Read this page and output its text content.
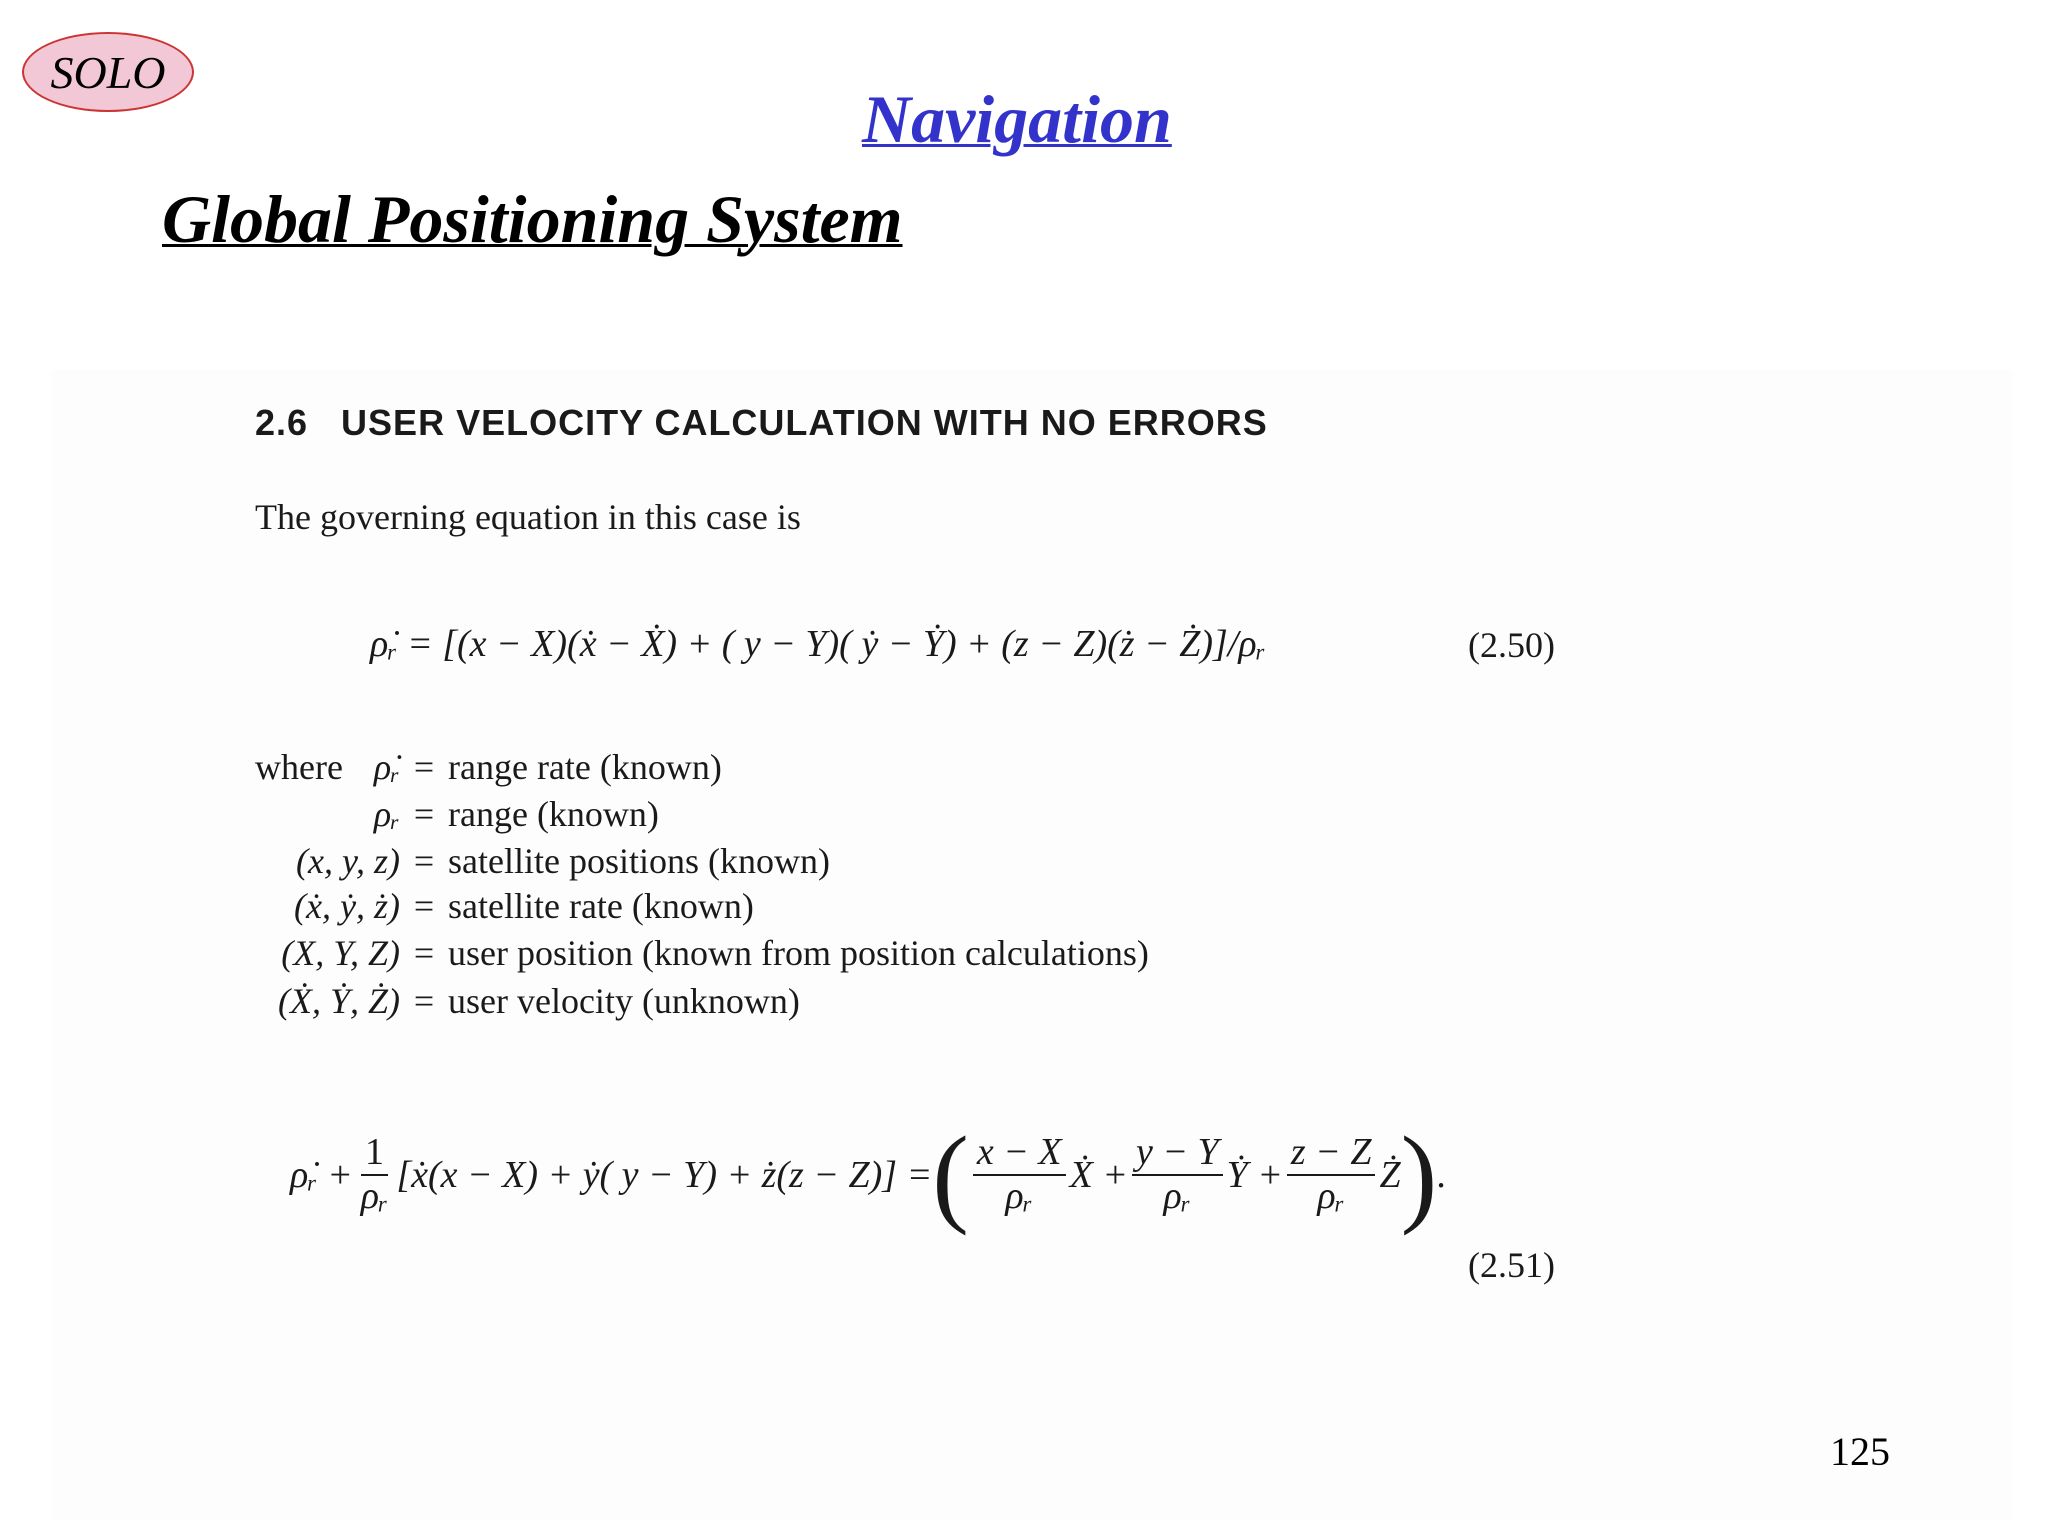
SOLO
Navigation
Global Positioning System
2.6   USER VELOCITY CALCULATION WITH NO ERRORS
The governing equation in this case is
ρ̇ᵣ = [(x − X)(ẋ − Ẋ) + ( y − Y)( ẏ − Ẏ) + (z − Z)(ż − Ż)]/ρᵣ	(2.50)
where ρ̇ᵣ = range rate (known)
ρᵣ = range (known)
(x, y, z) = satellite positions (known)
(ẋ, ẏ, ż) = satellite rate (known)
(X, Y, Z) = user position (known from position calculations)
(Ẋ, Ẏ, Ż) = user velocity (unknown)
ρ̇ᵣ + $\frac{1}{\text{ρᵣ}}$ [ẋ(x − X) + ẏ( y − Y) + ż(z − Z)] = ( $\frac{x - X}{\text{ρᵣ}}$ Ẋ + $\frac{y - Y}{\text{ρᵣ}}$ Ẏ + $\frac{z - Z}{\text{ρᵣ}}$ Ż ) .
(2.51)
125
